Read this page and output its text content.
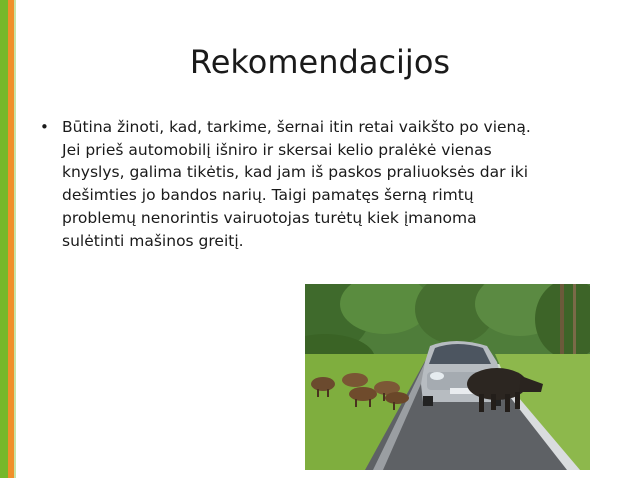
Rekomendacijos
• Būtina žinoti, kad, tarkime, šernai itin retai vaikšto po vieną.
Jei prieš automobilį išniro ir skersai kelio pralėkė vienas
knyslys, galima tikėtis, kad jam iš paskos praliuoksės dar iki
dešimties jo bandos narių. Taigi pamatęs šerną rimtų
problemų nenorintis vairuotojas turėtų kiek įmanoma
sulėtinti mašinos greitį.
